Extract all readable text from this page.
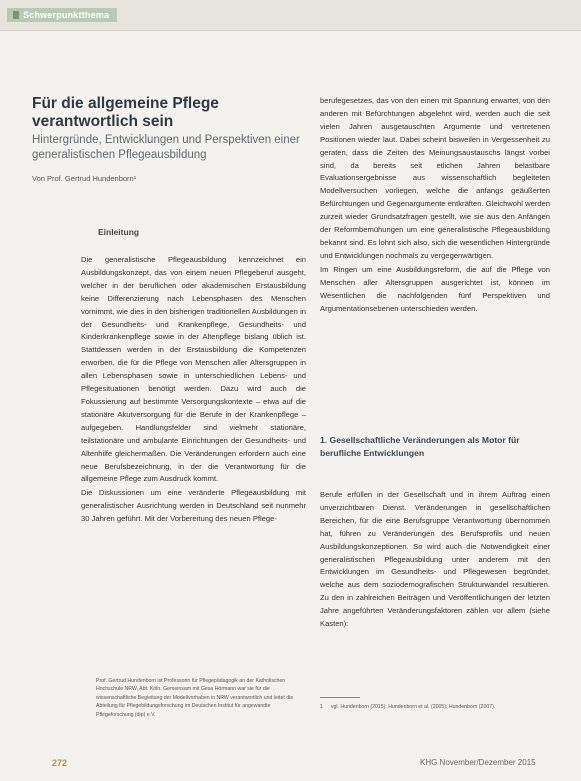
Schwerpunktthema
Für die allgemeine Pflege verantwortlich sein
Hintergründe, Entwicklungen und Perspektiven einer generalistischen Pflegeausbildung
Von Prof. Gertrud Hundenborn¹
Einleitung

Die generalistische Pflegeausbildung kennzeichnet ein Ausbildungskonzept, das von einem neuen Pflegeberuf ausgeht, welcher in der beruflichen oder akademischen Erstausbildung keine Differenzierung nach Lebensphasen des Menschen vornimmt, wie dies in den bisherigen traditionellen Ausbildungen in der Gesundheits- und Krankenpflege, Gesundheits- und Kinderkrankenpflege sowie in der Altenpflege bislang üblich ist. Stattdessen werden in der Erstausbildung die Kompetenzen erworben, die für die Pflege von Menschen aller Altersgruppen in allen Lebensphasen sowie in unterschiedlichen Lebens- und Pflegesituationen benötigt werden. Dazu wird auch die Fokussierung auf bestimmte Versorgungskontexte – etwa auf die stationäre Akutversorgung für die Berufe in der Krankenpflege – aufgegeben. Handlungsfelder sind vielmehr stationäre, teilstationäre und ambulante Einrichtungen der Gesundheits- und Altenhilfe gleichermaßen. Die Veränderungen erfordern auch eine neue Berufsbezeichnung, in der die Verantwortung für die allgemeine Pflege zum Ausdruck kommt.

Die Diskussionen um eine veränderte Pflegeausbildung mit generalistischer Ausrichtung werden in Deutschland seit nunmehr 30 Jahren geführt. Mit der Vorbereitung des neuen Pflege-

berufegesetzes, das von den einen mit Spannung erwartet, von den anderen mit Befürchtungen abgelehnt wird, werden auch die seit vielen Jahren ausgetauschten Argumente und vertretenen Positionen wieder laut. Dabei scheint bisweilen in Vergessenheit zu geraten, dass die Zeiten des Meinungsaustauschs längst vorbei sind, da bereits seit etlichen Jahren belastbare Evaluationsergebnisse aus wissenschaftlich begleiteten Modellversuchen vorliegen, welche die anfangs geäußerten Befürchtungen und Gegenargumente entkräften. Gleichwohl werden zurzeit wieder Grundsatzfragen gestellt, wie sie aus den Anfängen der Reformbemühungen um eine generalistische Pflegeausbildung bekannt sind. Es lohnt sich also, sich die wesentlichen Hintergründe und Entwicklungen nochmals zu vergegenwärtigen.

Im Ringen um eine Ausbildungsreform, die auf die Pflege von Menschen aller Altersgruppen ausgerichtet ist, können im Wesentlichen die nachfolgenden fünf Perspektiven und Argumentationsebenen unterschieden werden.

1. Gesellschaftliche Veränderungen als Motor für berufliche Entwicklungen

Berufe erfüllen in der Gesellschaft und in ihrem Auftrag einen unverzichtbaren Dienst. Veränderungen in gesellschaftlichen Bereichen, für die eine Berufsgruppe Verantwortung übernommen hat, führen zu Veränderungen des Berufsprofils und neuen Ausbildungskonzeptionen. So wird auch die Notwendigkeit einer generalistischen Pflegeausbildung unter anderem mit den Entwicklungen im Gesundheits- und Pflegewesen begründet, welche aus dem soziodemografischen Strukturwandel resultieren. Zu den in zahlreichen Beiträgen und Veröffentlichungen der letzten Jahre angeführten Veränderungsfaktoren zählen vor allem (siehe Kasten):

Prof. Gertrud Hundenborn ist Professorin für Pflegepädagogik an der Katholischen Hochschule NRW, Abt. Köln. Gemeinsam mit Gesa Hörmann war sie für die wissenschaftliche Begleitung der Modellvorhaben in NRW verantwortlich und leitet die Abteilung für Pflegebildungsforschung im Deutschen Institut für angewandte Pflegeforschung (dip) e.V.
1 vgl. Hundenborn (2015); Hundenborn et al. (2005); Hundenborn (2007).
272	KHG November/Dezember 2015
